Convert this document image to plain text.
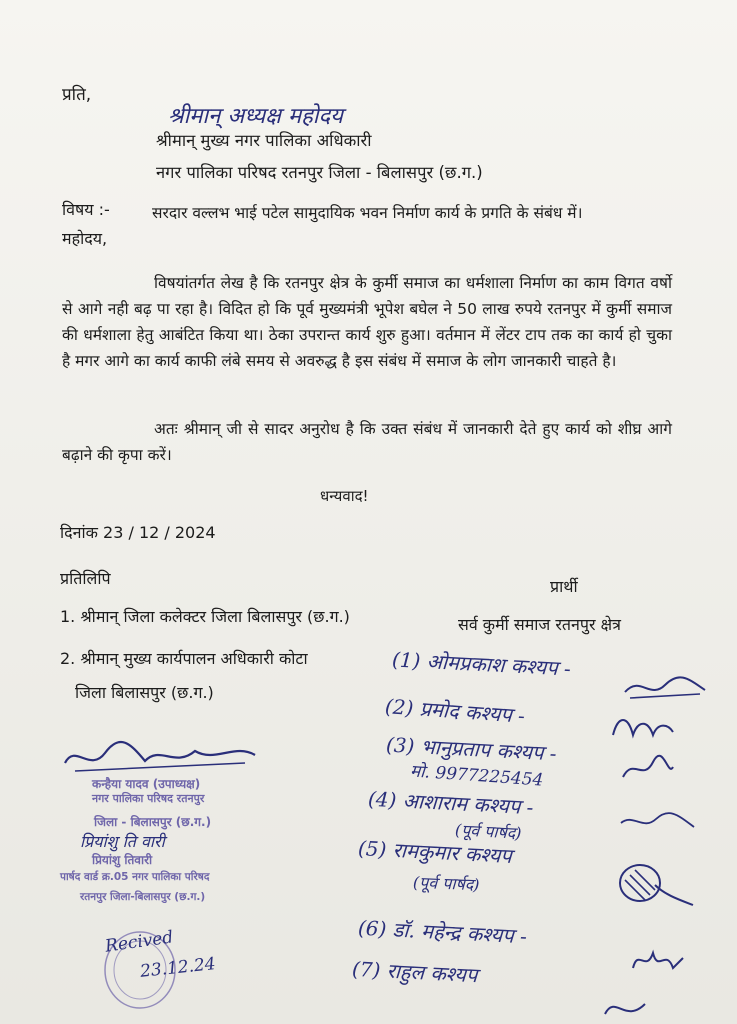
प्रति,
श्रीमान् अध्यक्ष महोदय
श्रीमान् मुख्य नगर पालिका अधिकारी
नगर पालिका परिषद रतनपुर जिला - बिलासपुर (छ.ग.)
विषय :-	सरदार वल्लभ भाई पटेल सामुदायिक भवन निर्माण कार्य के प्रगति के संबंध में।
महोदय,
विषयांतर्गत लेख है कि रतनपुर क्षेत्र के कुर्मी समाज का धर्मशाला निर्माण का काम विगत वर्षो से आगे नही बढ़ पा रहा है। विदित हो कि पूर्व मुख्यमंत्री भूपेश बघेल ने 50 लाख रुपये रतनपुर में कुर्मी समाज की धर्मशाला हेतु आबंटित किया था। ठेका उपरान्त कार्य शुरु हुआ। वर्तमान में लेंटर टाप तक का कार्य हो चुका है मगर आगे का कार्य काफी लंबे समय से अवरुद्ध है इस संबंध में समाज के लोग जानकारी चाहते है।
अतः श्रीमान् जी से सादर अनुरोध है कि उक्त संबंध में जानकारी देते हुए कार्य को शीघ्र आगे बढ़ाने की कृपा करें।
धन्यवाद!
दिनांक 23 / 12 / 2024
प्रतिलिपि	प्रार्थी
1. श्रीमान् जिला कलेक्टर जिला बिलासपुर (छ.ग.)	सर्व कुर्मी समाज रतनपुर क्षेत्र
2. श्रीमान् मुख्य कार्यपालन अधिकारी कोटा
जिला बिलासपुर (छ.ग.)
(1) ओमप्रकाश कश्यप -
(2) प्रमोद कश्यप -
(3) भानुप्रताप कश्यप -
मो. 9977225454
(4) आशाराम कश्यप -
(पूर्व पार्षद)
(5) रामकुमार कश्यप
(पूर्व पार्षद)
(6) डॉ. महेन्द्र कश्यप -
(7) राहुल कश्यप
कन्हैया यादव (उपाध्यक्ष)
नगर पालिका परिषद रतनपुर
जिला - बिलासपुर (छ.ग.)
प्रियांशु ति वारी
प्रियांशु तिवारी
पार्षद वार्ड क्र.05 नगर पालिका परिषद
रतनपुर जिला-बिलासपुर (छ.ग.)
Recived
23.12.24
